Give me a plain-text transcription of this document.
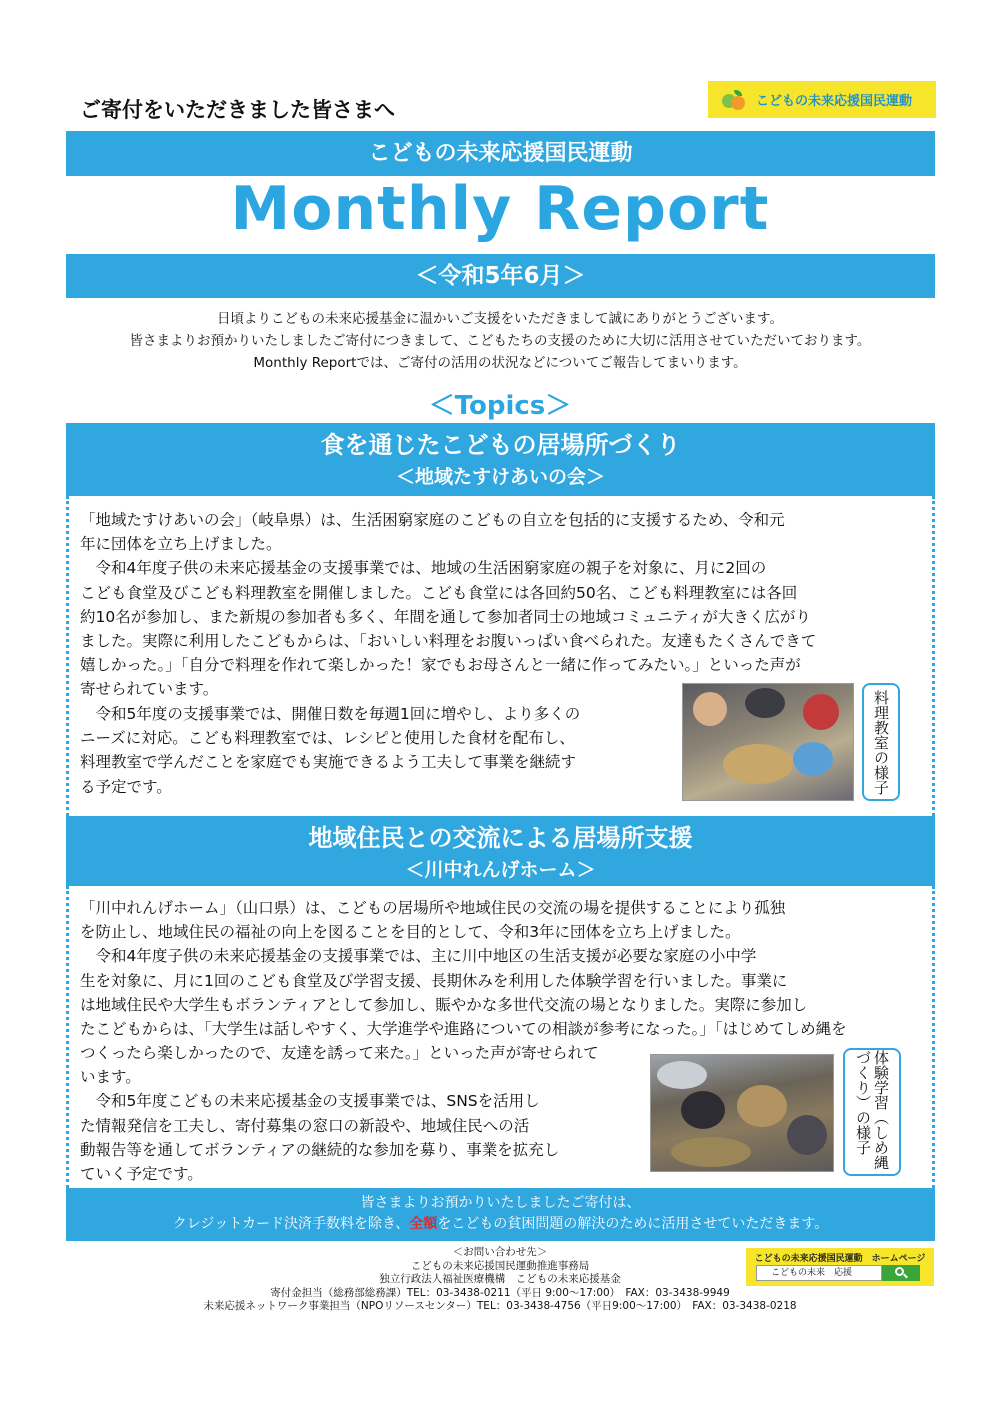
ご寄付をいただきました皆さまへ	こどもの未来応援国民運動
こどもの未来応援国民運動
Monthly Report
＜令和5年6月＞

日頃よりこどもの未来応援基金に温かいご支援をいただきまして誠にありがとうございます。

皆さまよりお預かりいたしましたご寄付につきまして、こどもたちの支援のために大切に活用させていただいております。

Monthly Reportでは、ご寄付の活用の状況などについてご報告してまいります。

＜Topics＞
食を通じたこどもの居場所づくり
＜地域たすけあいの会＞

「地域たすけあいの会」（岐阜県）は、生活困窮家庭のこどもの自立を包括的に支援するため、令和元

年に団体を立ち上げました。

　令和4年度子供の未来応援基金の支援事業では、地域の生活困窮家庭の親子を対象に、月に2回の

こども食堂及びこども料理教室を開催しました。こども食堂には各回約50名、こども料理教室には各回

約10名が参加し、また新規の参加者も多く、年間を通して参加者同士の地域コミュニティが大きく広がり

ました。実際に利用したこどもからは、「おいしい料理をお腹いっぱい食べられた。友達もたくさんできて

嬉しかった。」「自分で料理を作れて楽しかった！家でもお母さんと一緒に作ってみたい。」といった声が

寄せられています。

　令和5年度の支援事業では、開催日数を毎週1回に増やし、より多くの

ニーズに対応。こども料理教室では、レシピと使用した食材を配布し、

料理教室で学んだことを家庭でも実施できるよう工夫して事業を継続す

る予定です。	料理教室の様子
地域住民との交流による居場所支援
＜川中れんげホーム＞

「川中れんげホーム」（山口県）は、こどもの居場所や地域住民の交流の場を提供することにより孤独

を防止し、地域住民の福祉の向上を図ることを目的として、令和3年に団体を立ち上げました。

　令和4年度子供の未来応援基金の支援事業では、主に川中地区の生活支援が必要な家庭の小中学

生を対象に、月に1回のこども食堂及び学習支援、長期休みを利用した体験学習を行いました。事業に

は地域住民や大学生もボランティアとして参加し、賑やかな多世代交流の場となりました。実際に参加し

たこどもからは、「大学生は話しやすく、大学進学や進路についての相談が参考になった。」「はじめてしめ縄を

つくったら楽しかったので、友達を誘って来た。」といった声が寄せられて

います。

　令和5年度こどもの未来応援基金の支援事業では、SNSを活用し

た情報発信を工夫し、寄付募集の窓口の新設や、地域住民への活

動報告等を通してボランティアの継続的な参加を募り、事業を拡充し

ていく予定です。

体験学習（しめ縄づくり）の様子
皆さまよりお預かりいたしましたご寄付は、
クレジットカード決済手数料を除き、全額をこどもの貧困問題の解決のために活用させていただきます。

＜お問い合わせ先＞

こどもの未来応援国民運動推進事務局

独立行政法人福祉医療機構　こどもの未来応援基金

寄付金担当（総務部総務課）TEL：03-3438-0211（平日 9:00～17:00）　FAX：03-3438-9949

未来応援ネットワーク事業担当（NPOリソースセンター）TEL：03-3438-4756（平日9:00～17:00）　FAX：03-3438-0218

こどもの未来応援国民運動　ホームページ
こどもの未来　応援
